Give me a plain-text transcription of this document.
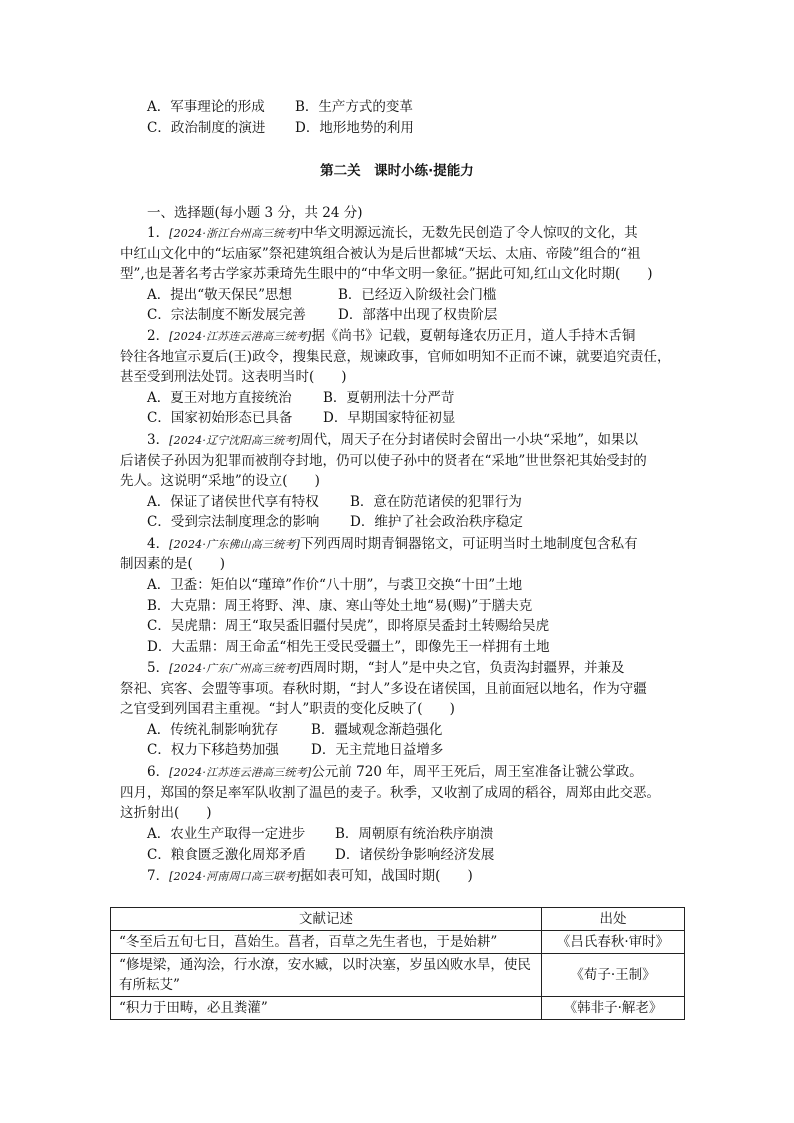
A．军事理论的形成 B．生产方式的变革
C．政治制度的演进 D．地形地势的利用
第二关　课时小练·提能力
一、选择题(每小题 3 分，共 24 分)
1．[2024·浙江台州高三统考]中华文明源远流长，无数先民创造了令人惊叹的文化，其
中红山文化中的“坛庙冢”祭祀建筑组合被认为是后世都城“天坛、太庙、帝陵”组合的“祖
型”,也是著名考古学家苏秉琦先生眼中的“中华文明一象征。”据此可知,红山文化时期(　　)
A．提出“敬天保民”思想	B．已经迈入阶级社会门槛
C．宗法制度不断发展完善 D．部落中出现了权贵阶层
2．[2024·江苏连云港高三统考]据《尚书》记载，夏朝每逢农历正月，道人手持木舌铜
铃往各地宣示夏后(王)政令，搜集民意，规谏政事，官师如明知不正而不谏，就要追究责任，
甚至受到刑法处罚。这表明当时(　　)
A．夏王对地方直接统治 B．夏朝刑法十分严苛
C．国家初始形态已具备 D．早期国家特征初显
3．[2024·辽宁沈阳高三统考]周代，周天子在分封诸侯时会留出一小块“采地”，如果以
后诸侯子孙因为犯罪而被削夺封地，仍可以使子孙中的贤者在“采地”世世祭祀其始受封的
先人。这说明“采地”的设立(　　)
A．保证了诸侯世代享有特权 B．意在防范诸侯的犯罪行为
C．受到宗法制度理念的影响 D．维护了社会政治秩序稳定
4．[2024·广东佛山高三统考]下列西周时期青铜器铭文，可证明当时土地制度包含私有
制因素的是(　　)
A．卫盉：矩伯以“瑾璋”作价“八十朋”，与裘卫交换“十田”土地
B．大克鼎：周王将野、渒、康、寒山等处土地“易(赐)”于膳夫克
C．吴虎鼎：周王“取吴盉旧疆付吴虎”，即将原吴盉封土转赐给吴虎
D．大盂鼎：周王命孟“相先王受民受疆土”，即像先王一样拥有土地
5．[2024·广东广州高三统考]西周时期，“封人”是中央之官，负责沟封疆界，并兼及
祭祀、宾客、会盟等事项。春秋时期，“封人”多设在诸侯国，且前面冠以地名，作为守疆
之官受到列国君主重视。“封人”职责的变化反映了(　　)
A．传统礼制影响犹存 B．疆域观念渐趋强化
C．权力下移趋势加强 D．无主荒地日益增多
6．[2024·江苏连云港高三统考]公元前 720 年，周平王死后，周王室准备让虢公掌政。
四月，郑国的祭足率军队收割了温邑的麦子。秋季，又收割了成周的稻谷，周郑由此交恶。
这折射出(　　)
A．农业生产取得一定进步 B．周朝原有统治秩序崩溃
C．粮食匮乏激化周郑矛盾 D．诸侯纷争影响经济发展
7．[2024·河南周口高三联考]据如表可知，战国时期(　　)
文献记述	出处
“冬至后五旬七日，菖始生。菖者，百草之先生者也，于是始耕”	《吕氏春秋·审时》
“修堤梁，通沟浍，行水潦，安水臧，以时决塞，岁虽凶败水旱，使民有所耘艾”	《荀子·王制》
“积力于田畴，必且粪灌”	《韩非子·解老》
